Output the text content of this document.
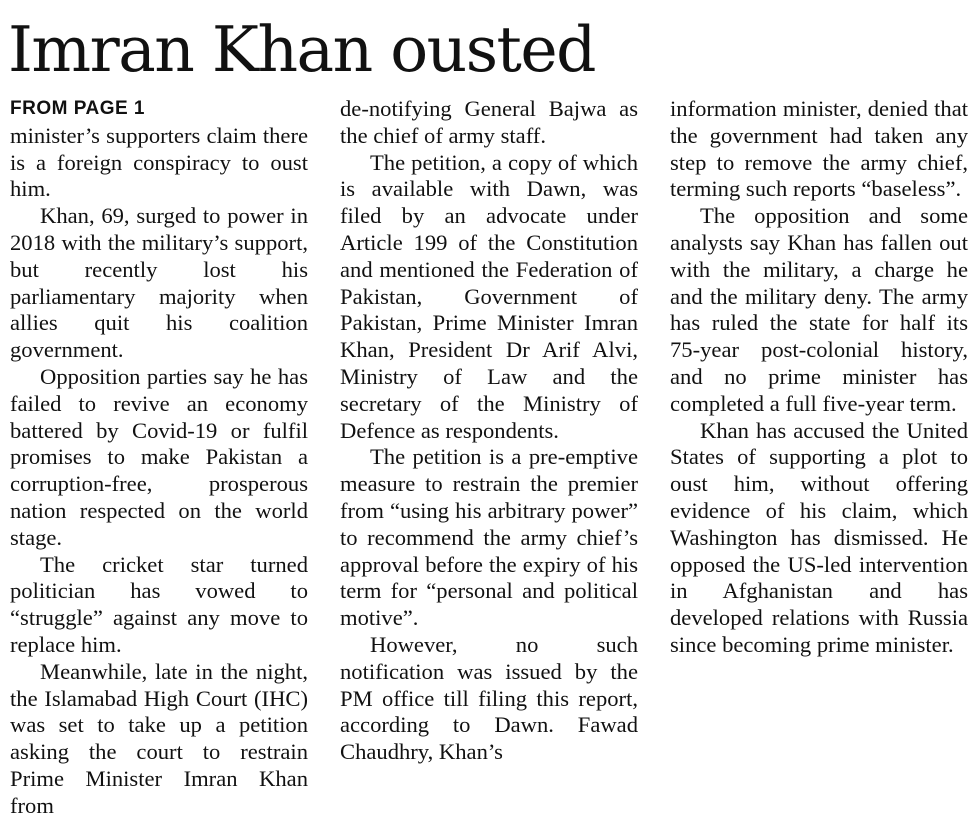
Imran Khan ousted
FROM PAGE 1

minister’s supporters claim there is a foreign conspiracy to oust him.

Khan, 69, surged to power in 2018 with the military’s support, but recently lost his parliamentary majority when allies quit his coalition government.

Opposition parties say he has failed to revive an economy battered by Covid-19 or fulfil promises to make Pakistan a corruption-free, prosperous nation respected on the world stage.

The cricket star turned politician has vowed to “struggle” against any move to replace him.

Meanwhile, late in the night, the Islamabad High Court (IHC) was set to take up a petition asking the court to restrain Prime Minister Imran Khan from

de-notifying General Bajwa as the chief of army staff.

The petition, a copy of which is available with Dawn, was filed by an advocate under Article 199 of the Constitution and mentioned the Federation of Pakistan, Government of Pakistan, Prime Minister Imran Khan, President Dr Arif Alvi, Ministry of Law and the secretary of the Ministry of Defence as respondents.

The petition is a pre-emptive measure to restrain the premier from “using his arbitrary power” to recommend the army chief’s approval before the expiry of his term for “personal and political motive”.

However, no such notification was issued by the PM office till filing this report, according to Dawn. Fawad Chaudhry, Khan’s

information minister, denied that the government had taken any step to remove the army chief, terming such reports “baseless”.

The opposition and some analysts say Khan has fallen out with the military, a charge he and the military deny. The army has ruled the state for half its 75-year post-colonial history, and no prime minister has completed a full five-year term.

Khan has accused the United States of supporting a plot to oust him, without offering evidence of his claim, which Washington has dismissed. He opposed the US-led intervention in Afghanistan and has developed relations with Russia since becoming prime minister.
